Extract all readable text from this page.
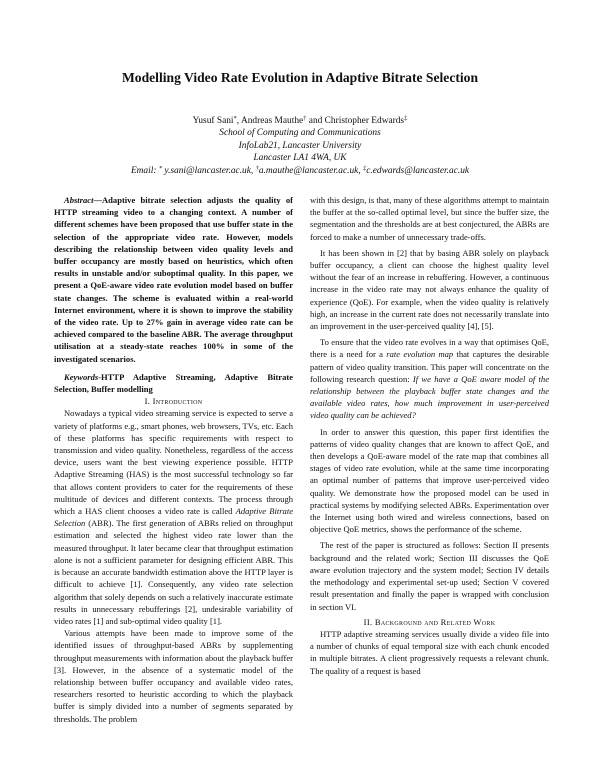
Modelling Video Rate Evolution in Adaptive Bitrate Selection
Yusuf Sani*, Andreas Mauthe† and Christopher Edwards‡
School of Computing and Communications
InfoLab21, Lancaster University
Lancaster LA1 4WA, UK
Email: * y.sani@lancaster.ac.uk, †a.mauthe@lancaster.ac.uk, ‡c.edwards@lancaster.ac.uk

Abstract—Adaptive bitrate selection adjusts the quality of HTTP streaming video to a changing context. A number of different schemes have been proposed that use buffer state in the selection of the appropriate video rate. However, models describing the relationship between video quality levels and buffer occupancy are mostly based on heuristics, which often results in unstable and/or suboptimal quality. In this paper, we present a QoE-aware video rate evolution model based on buffer state changes. The scheme is evaluated within a real-world Internet environment, where it is shown to improve the stability of the video rate. Up to 27% gain in average video rate can be achieved compared to the baseline ABR. The average throughput utilisation at a steady-state reaches 100% in some of the investigated scenarios.

Keywords-HTTP Adaptive Streaming, Adaptive Bitrate Selection, Buffer modelling

I. Introduction

Nowadays a typical video streaming service is expected to serve a variety of platforms e.g., smart phones, web browsers, TVs, etc. Each of these platforms has specific requirements with respect to transmission and video quality. Nonetheless, regardless of the access device, users want the best viewing experience possible. HTTP Adaptive Streaming (HAS) is the most successful technology so far that allows content providers to cater for the requirements of these multitude of devices and different contexts. The process through which a HAS client chooses a video rate is called Adaptive Bitrate Selection (ABR). The first generation of ABRs relied on throughput estimation and selected the highest video rate lower than the measured throughput. It later became clear that throughput estimation alone is not a sufficient parameter for designing efficient ABR. This is because an accurate bandwidth estimation above the HTTP layer is difficult to achieve [1]. Consequently, any video rate selection algorithm that solely depends on such a relatively inaccurate estimate results in unnecessary rebufferings [2], undesirable variability of video rates [1] and sub-optimal video quality [1].

Various attempts have been made to improve some of the identified issues of throughput-based ABRs by supplementing throughput measurements with information about the playback buffer [3]. However, in the absence of a systematic model of the relationship between buffer occupancy and available video rates, researchers resorted to heuristic according to which the playback buffer is simply divided into a number of segments separated by thresholds. The problem

with this design, is that, many of these algorithms attempt to maintain the buffer at the so-called optimal level, but since the buffer size, the segmentation and the thresholds are at best conjectured, the ABRs are forced to make a number of unnecessary trade-offs.

It has been shown in [2] that by basing ABR solely on playback buffer occupancy, a client can choose the highest quality level without the fear of an increase in rebuffering. However, a continuous increase in the video rate may not always enhance the quality of experience (QoE). For example, when the video quality is relatively high, an increase in the current rate does not necessarily translate into an improvement in the user-perceived quality [4], [5].

To ensure that the video rate evolves in a way that optimises QoE, there is a need for a rate evolution map that captures the desirable pattern of video quality transition. This paper will concentrate on the following research question: If we have a QoE aware model of the relationship between the playback buffer state changes and the available video rates, how much improvement in user-perceived video quality can be achieved?

In order to answer this question, this paper first identifies the patterns of video quality changes that are known to affect QoE, and then develops a QoE-aware model of the rate map that combines all stages of video rate evolution, while at the same time incorporating an optimal number of patterns that improve user-perceived video quality. We demonstrate how the proposed model can be used in practical systems by modifying selected ABRs. Experimentation over the Internet using both wired and wireless connections, based on objective QoE metrics, shows the performance of the scheme.

The rest of the paper is structured as follows: Section II presents background and the related work; Section III discusses the QoE aware evolution trajectory and the system model; Section IV details the methodology and experimental set-up used; Section V covered result presentation and finally the paper is wrapped with conclusion in section VI.

II. Background and Related Work

HTTP adaptive streaming services usually divide a video file into a number of chunks of equal temporal size with each chunk encoded in multiple bitrates. A client progressively requests a relevant chunk. The quality of a request is based
